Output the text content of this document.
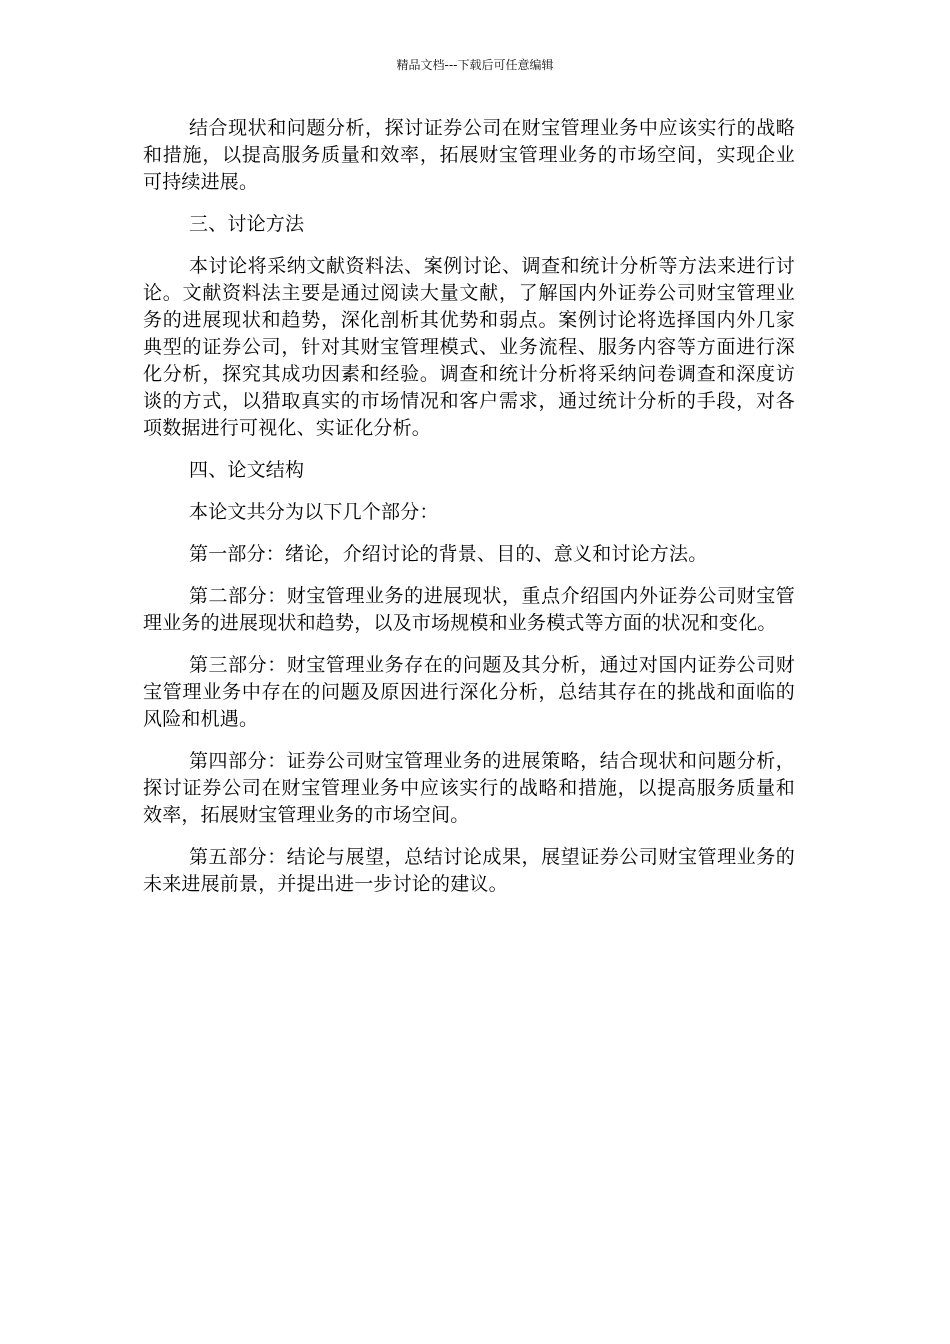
精品文档---下载后可任意编辑

结合现状和问题分析，探讨证券公司在财宝管理业务中应该实行的战略和措施，以提高服务质量和效率，拓展财宝管理业务的市场空间，实现企业可持续进展。

三、讨论方法

本讨论将采纳文献资料法、案例讨论、调查和统计分析等方法来进行讨论。文献资料法主要是通过阅读大量文献，了解国内外证券公司财宝管理业务的进展现状和趋势，深化剖析其优势和弱点。案例讨论将选择国内外几家典型的证券公司，针对其财宝管理模式、业务流程、服务内容等方面进行深化分析，探究其成功因素和经验。调查和统计分析将采纳问卷调查和深度访谈的方式，以猎取真实的市场情况和客户需求，通过统计分析的手段，对各项数据进行可视化、实证化分析。

四、论文结构

本论文共分为以下几个部分：

第一部分：绪论，介绍讨论的背景、目的、意义和讨论方法。

第二部分：财宝管理业务的进展现状，重点介绍国内外证券公司财宝管理业务的进展现状和趋势，以及市场规模和业务模式等方面的状况和变化。

第三部分：财宝管理业务存在的问题及其分析，通过对国内证券公司财宝管理业务中存在的问题及原因进行深化分析，总结其存在的挑战和面临的风险和机遇。

第四部分：证券公司财宝管理业务的进展策略，结合现状和问题分析，探讨证券公司在财宝管理业务中应该实行的战略和措施，以提高服务质量和效率，拓展财宝管理业务的市场空间。

第五部分：结论与展望，总结讨论成果，展望证券公司财宝管理业务的未来进展前景，并提出进一步讨论的建议。
